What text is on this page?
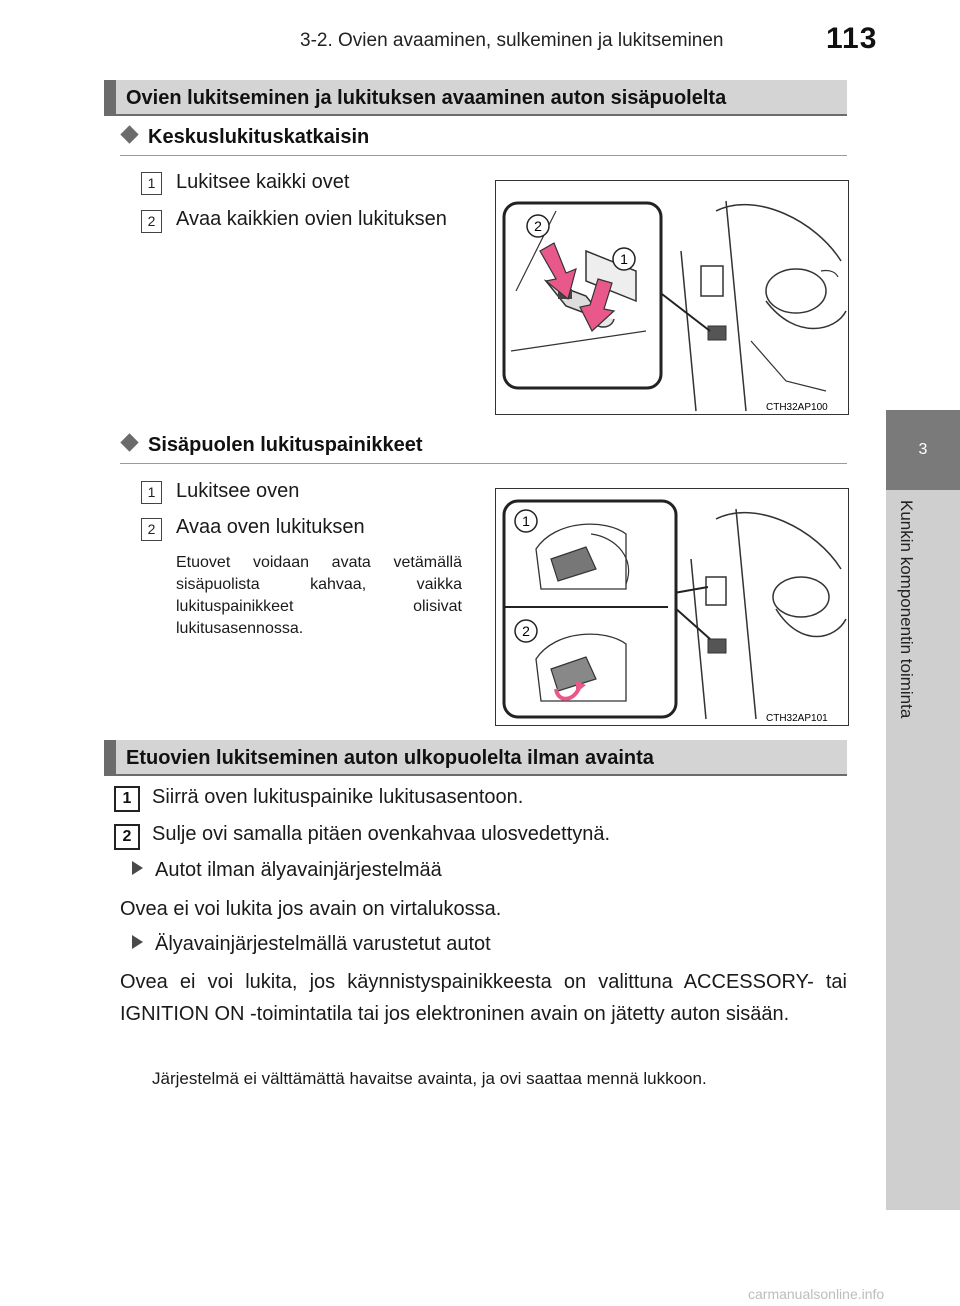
3-2. Ovien avaaminen, sulkeminen ja lukitseminen	113
3
Kunkin komponentin toiminta
Ovien lukitseminen ja lukituksen avaaminen auton sisäpuolelta
Keskuslukituskatkaisin
1	Lukitsee kaikki ovet
2	Avaa kaikkien ovien lukituksen	2
1
CTH32AP100
Sisäpuolen lukituspainikkeet
1	Lukitsee oven
2	Avaa oven lukituksen
Etuovet voidaan avata vetämällä sisäpuolista kahvaa, vaikka lukituspainikkeet olisivat lukitusasennossa.
1
2
CTH32AP101
Etuovien lukitseminen auton ulkopuolelta ilman avainta
1	Siirrä oven lukituspainike lukitusasentoon.
2	Sulje ovi samalla pitäen ovenkahvaa ulosvedettynä.
Autot ilman älyavainjärjestelmää
Ovea ei voi lukita jos avain on virtalukossa.
Älyavainjärjestelmällä varustetut autot
Ovea ei voi lukita, jos käynnistyspainikkeesta on valittuna ACCESSORY- tai IGNITION ON -toimintatila tai jos elektroninen avain on jätetty auton sisään.
Järjestelmä ei välttämättä havaitse avainta, ja ovi saattaa mennä lukkoon.
carmanualsonline.info
